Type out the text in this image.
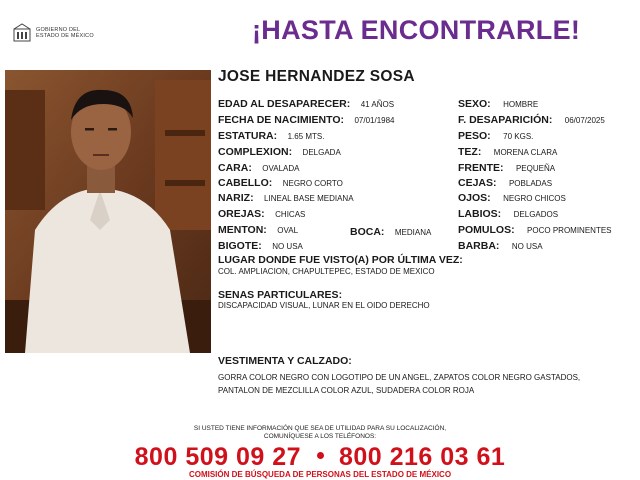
GOBIERNO DEL
ESTADO DE MÉXICO	¡HASTA ENCONTRARLE!
JOSE HERNANDEZ SOSA
EDAD AL DESAPARECER: 41 AÑOS
FECHA DE NACIMIENTO: 07/01/1984
ESTATURA: 1.65 MTS.
COMPLEXION: DELGADA
CARA: OVALADA
CABELLO: NEGRO CORTO
NARIZ: LINEAL BASE MEDIANA
OREJAS: CHICAS
MENTON: OVAL	BOCA: MEDIANA
BIGOTE: NO USA
SEXO: HOMBRE
F. DESAPARICIÓN: 06/07/2025
PESO: 70 KGS.
TEZ: MORENA CLARA
FRENTE: PEQUEÑA
CEJAS: POBLADAS
OJOS: NEGRO CHICOS
LABIOS: DELGADOS
POMULOS: POCO PROMINENTES
BARBA: NO USA
LUGAR DONDE FUE VISTO(A) POR ÚLTIMA VEZ:
COL. AMPLIACION, CHAPULTEPEC, ESTADO DE MEXICO
SENAS PARTICULARES:
DISCAPACIDAD VISUAL, LUNAR EN EL OIDO DERECHO
VESTIMENTA Y CALZADO:
GORRA COLOR NEGRO CON LOGOTIPO DE UN ANGEL, ZAPATOS COLOR NEGRO GASTADOS, PANTALON DE MEZCLILLA COLOR AZUL, SUDADERA COLOR ROJA
SI USTED TIENE INFORMACIÓN QUE SEA DE UTILIDAD PARA SU LOCALIZACIÓN,
COMUNÍQUESE A LOS TELÉFONOS:
800 509 09 27 800 216 03 61
COMISIÓN DE BÚSQUEDA DE PERSONAS DEL ESTADO DE MÉXICO
